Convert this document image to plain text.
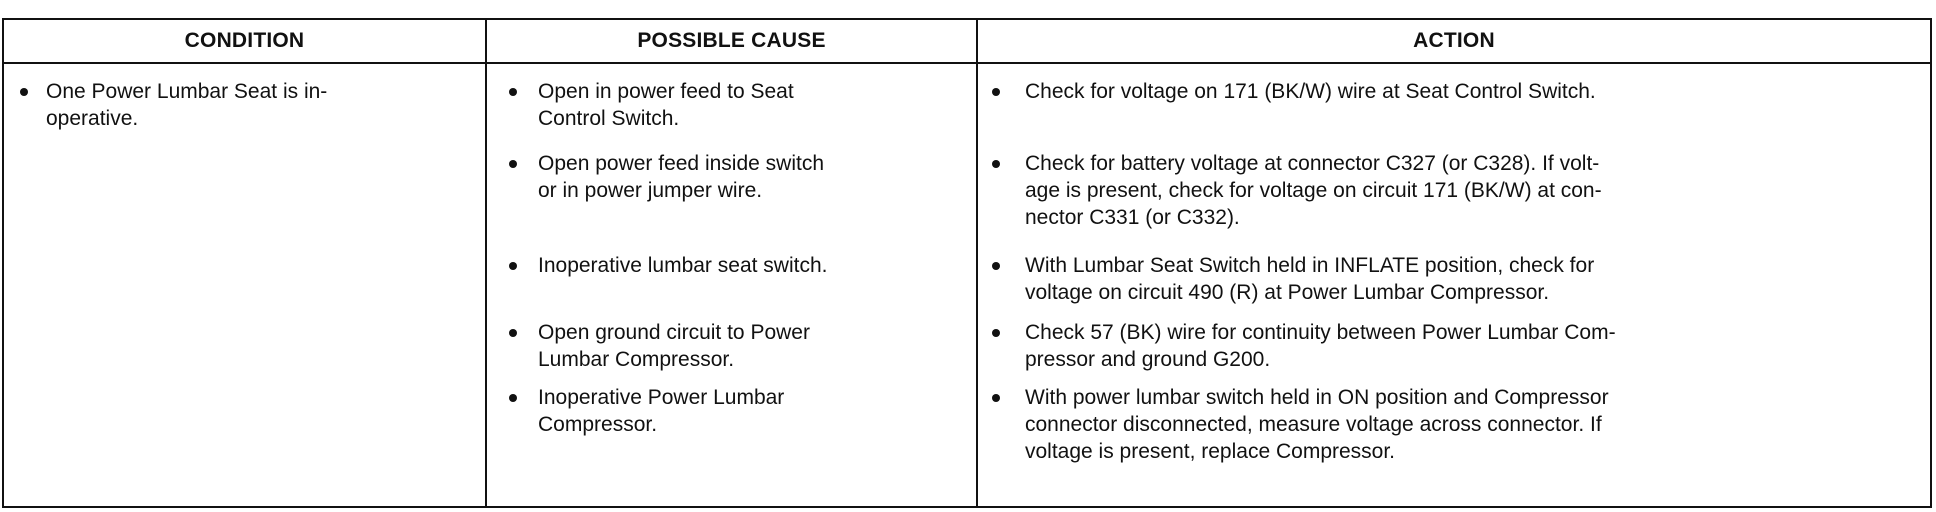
CONDITION	POSSIBLE CAUSE	ACTION
One Power Lumbar Seat is in-
operative.
Open in power feed to Seat
Control Switch.
Open power feed inside switch
or in power jumper wire.
Inoperative lumbar seat switch.
Open ground circuit to Power
Lumbar Compressor.
Inoperative Power Lumbar
Compressor.
Check for voltage on 171 (BK/W) wire at Seat Control Switch.
Check for battery voltage at connector C327 (or C328). If volt-
age is present, check for voltage on circuit 171 (BK/W) at con-
nector C331 (or C332).
With Lumbar Seat Switch held in INFLATE position, check for
voltage on circuit 490 (R) at Power Lumbar Compressor.
Check 57 (BK) wire for continuity between Power Lumbar Com-
pressor and ground G200.
With power lumbar switch held in ON position and Compressor
connector disconnected, measure voltage across connector. If
voltage is present, replace Compressor.
